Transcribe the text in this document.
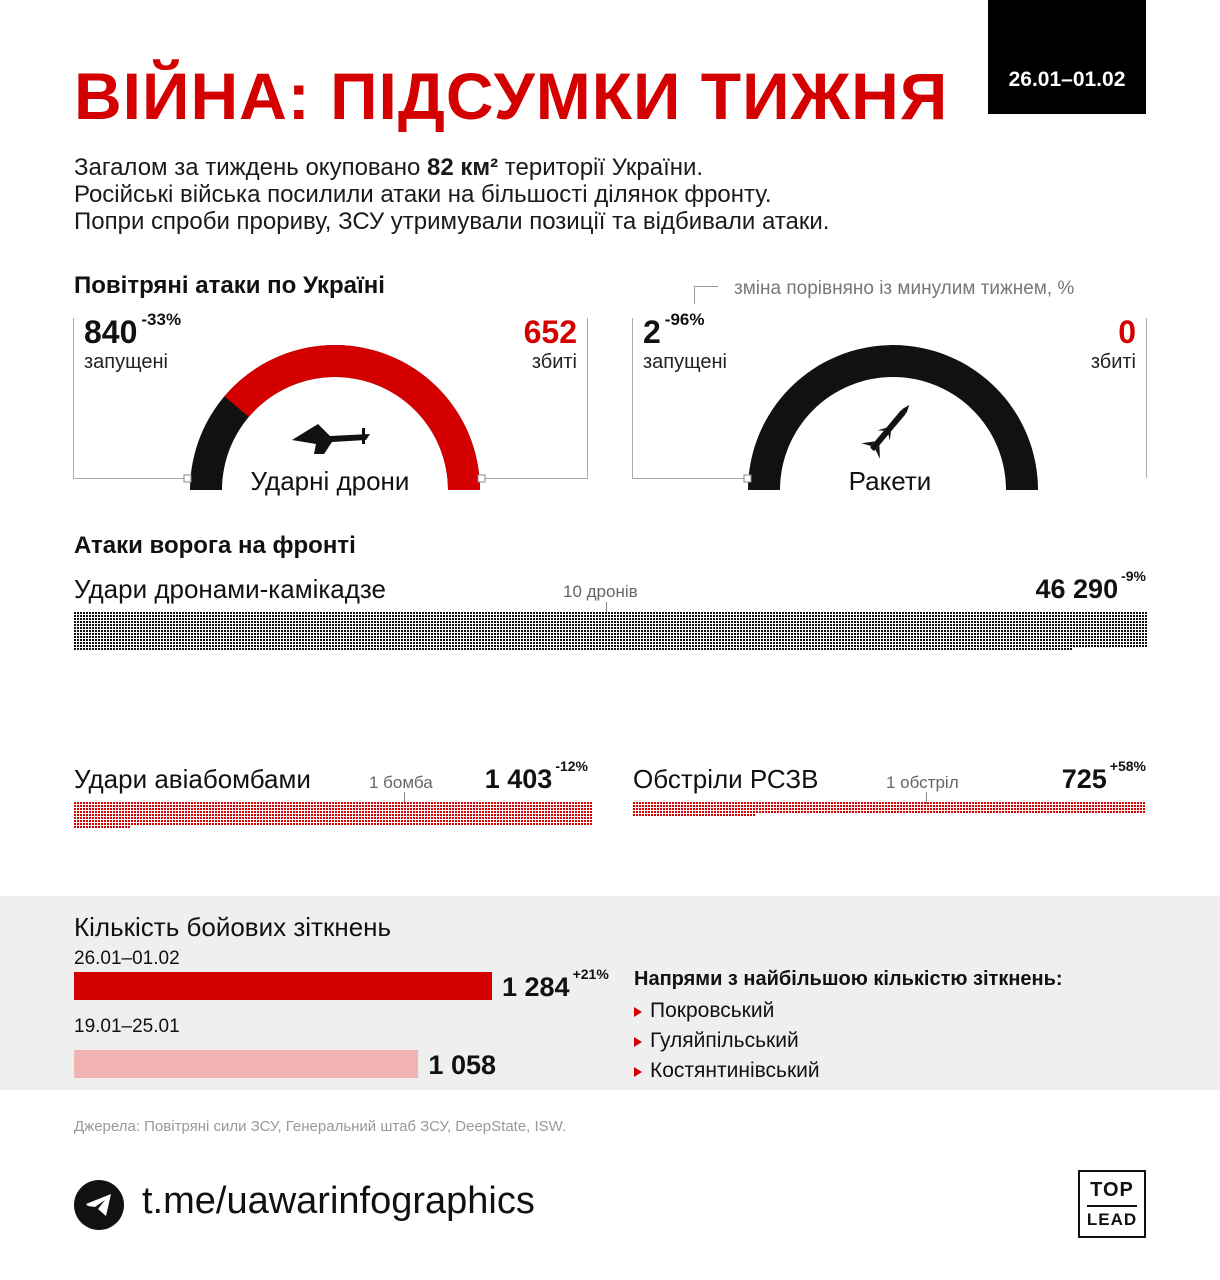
ВІЙНА: ПІДСУМКИ ТИЖНЯ	26.01–01.02

Загалом за тиждень окуповано 82 км² території України.

Російські війська посилили атаки на більшості ділянок фронту.

Попри спроби прориву, ЗСУ утримували позиції та відбивали атаки.

Повітряні атаки по Україні	зміна порівняно із минулим тижнем, %
840 $^{-33\%}$
запущені
652
збиті
Ударні дрони
2 $^{-96\%}$
запущені
0
збиті
Ракети
Атаки ворога на фронті
Удари дронами-камікадзе	10 дронів	46 290 $^{-9\%}$
Удари авіабомбами	1 бомба 1 403 $^{-12\%}$ Обстріли РСЗВ	1 обстріл	725 $^{+58\%}$
Кількість бойових зіткнень
26.01–01.02
1 284 $^{+21\%}$
19.01–25.01
1 058
Напрями з найбільшою кількістю зіткнень:
Покровський
Гуляйпільський
Костянтинівський
Джерела: Повітряні сили ЗСУ, Генеральний штаб ЗСУ, DeepState, ISW.
t.me/uawarinfographics	TOP
LEAD
